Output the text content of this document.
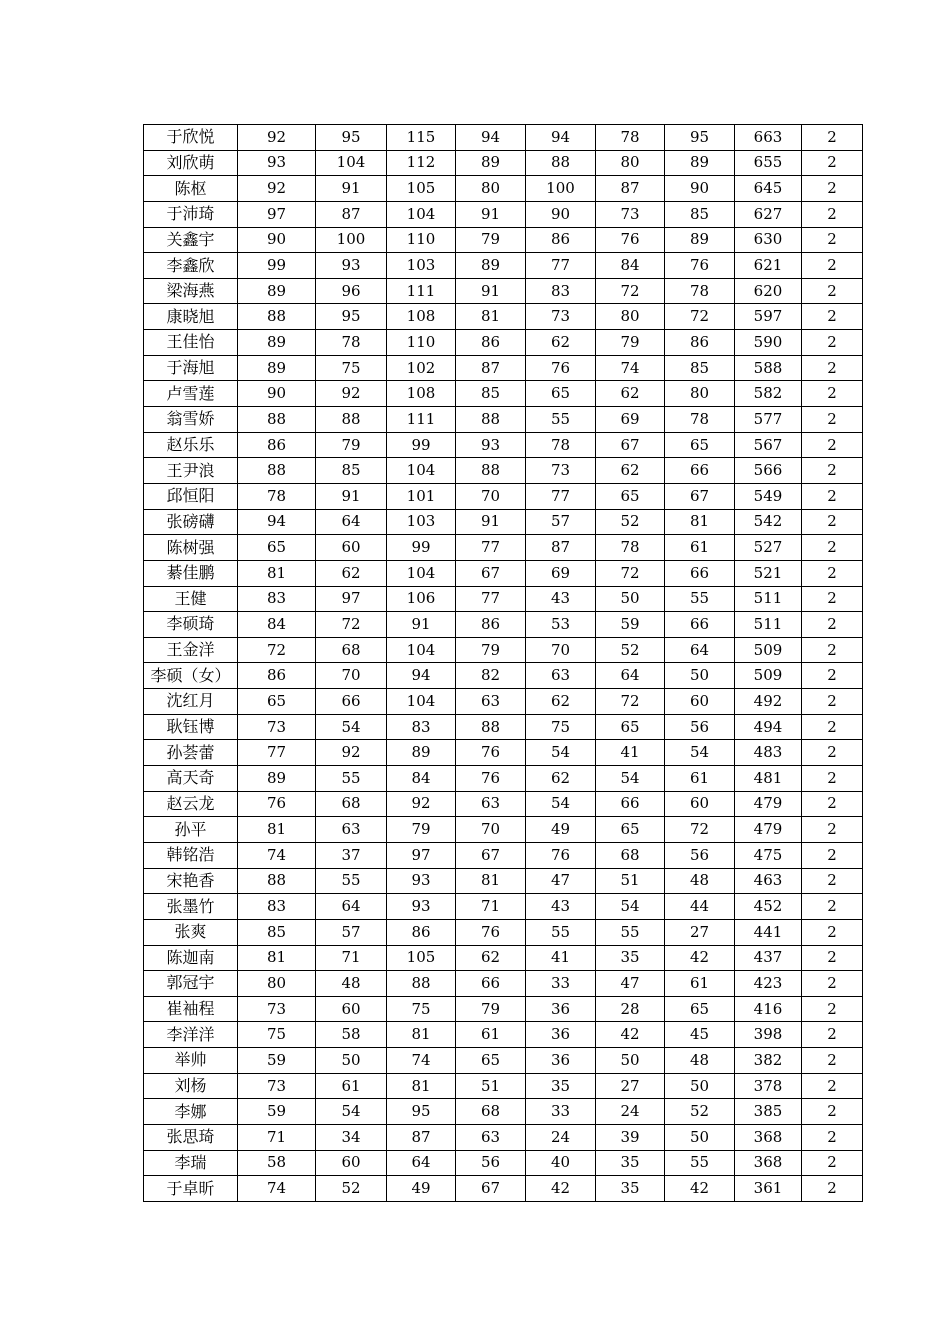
于欣悦	92	95	115	94	94	78	95	663	2
刘欣萌	93	104	112	89	88	80	89	655	2
陈枢	92	91	105	80	100	87	90	645	2
于沛琦	97	87	104	91	90	73	85	627	2
关鑫宇	90	100	110	79	86	76	89	630	2
李鑫欣	99	93	103	89	77	84	76	621	2
梁海燕	89	96	111	91	83	72	78	620	2
康晓旭	88	95	108	81	73	80	72	597	2
王佳怡	89	78	110	86	62	79	86	590	2
于海旭	89	75	102	87	76	74	85	588	2
卢雪莲	90	92	108	85	65	62	80	582	2
翁雪娇	88	88	111	88	55	69	78	577	2
赵乐乐	86	79	99	93	78	67	65	567	2
王尹浪	88	85	104	88	73	62	66	566	2
邱恒阳	78	91	101	70	77	65	67	549	2
张磅礴	94	64	103	91	57	52	81	542	2
陈树强	65	60	99	77	87	78	61	527	2
綦佳鹏	81	62	104	67	69	72	66	521	2
王健	83	97	106	77	43	50	55	511	2
李硕琦	84	72	91	86	53	59	66	511	2
王金洋	72	68	104	79	70	52	64	509	2
李硕（女）	86	70	94	82	63	64	50	509	2
沈红月	65	66	104	63	62	72	60	492	2
耿钰博	73	54	83	88	75	65	56	494	2
孙荟蕾	77	92	89	76	54	41	54	483	2
高天奇	89	55	84	76	62	54	61	481	2
赵云龙	76	68	92	63	54	66	60	479	2
孙平	81	63	79	70	49	65	72	479	2
韩铭浩	74	37	97	67	76	68	56	475	2
宋艳香	88	55	93	81	47	51	48	463	2
张墨竹	83	64	93	71	43	54	44	452	2
张爽	85	57	86	76	55	55	27	441	2
陈迦南	81	71	105	62	41	35	42	437	2
郭冠宇	80	48	88	66	33	47	61	423	2
崔袖程	73	60	75	79	36	28	65	416	2
李洋洋	75	58	81	61	36	42	45	398	2
举帅	59	50	74	65	36	50	48	382	2
刘杨	73	61	81	51	35	27	50	378	2
李娜	59	54	95	68	33	24	52	385	2
张思琦	71	34	87	63	24	39	50	368	2
李瑞	58	60	64	56	40	35	55	368	2
于卓昕	74	52	49	67	42	35	42	361	2
